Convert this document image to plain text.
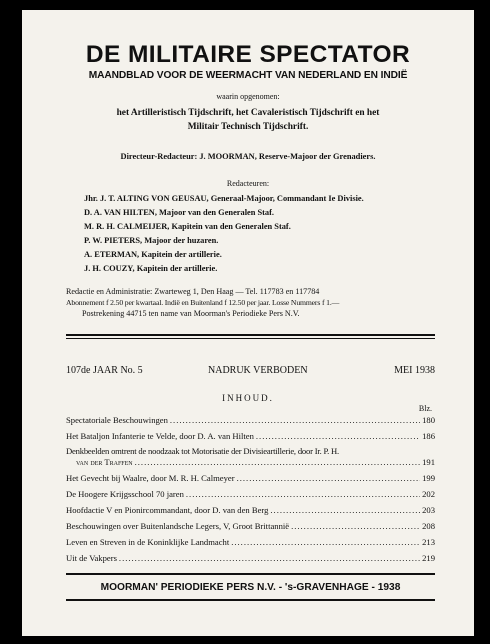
DE MILITAIRE SPECTATOR
MAANDBLAD VOOR DE WEERMACHT VAN NEDERLAND EN INDIË
waarin opgenomen:
het Artilleristisch Tijdschrift, het Cavaleristisch Tijdschrift en het
Militair Technisch Tijdschrift.
Directeur-Redacteur: J. MOORMAN, Reserve-Majoor der Grenadiers.
Redacteuren:
Jhr. J. T. ALTING VON GEUSAU, Generaal-Majoor, Commandant Ie Divisie.
D. A. VAN HILTEN, Majoor van den Generalen Staf.
M. R. H. CALMEIJER, Kapitein van den Generalen Staf.
P. W. PIETERS, Majoor der huzaren.
A. ETERMAN, Kapitein der artillerie.
J. H. COUZY, Kapitein der artillerie.
Redactie en Administratie: Zwarteweg 1, Den Haag — Tel. 117783 en 117784
Abonnement f 2.50 per kwartaal. Indië en Buitenland f 12.50 per jaar. Losse Nummers f 1.—
Postrekening 44715 ten name van Moorman's Periodieke Pers N.V.
107de JAAR No. 5	NADRUK VERBODEN	MEI 1938
INHOUD.
Blz.
Spectatoriale Beschouwingen .....	180
Het Bataljon Infanterie te Velde, door D. A. van Hilten .....	186
Denkbeelden omtrent de noodzaak tot Motorisatie der Divisieartillerie, door Ir. P. H.
van der Traffen .....	191
Het Gevecht bij Waalre, door M. R. H. Calmeyer .....	199
De Hoogere Krijgsschool 70 jaren .....	202
Hoofdactie V en Pionircommandant, door D. van den Berg .....	203
Beschouwingen over Buitenlandsche Legers, V, Groot Brittannië .....	208
Leven en Streven in de Koninklijke Landmacht .....	213
Uit de Vakpers .....	219
MOORMAN' PERIODIEKE PERS N.V. - 's-GRAVENHAGE - 1938
